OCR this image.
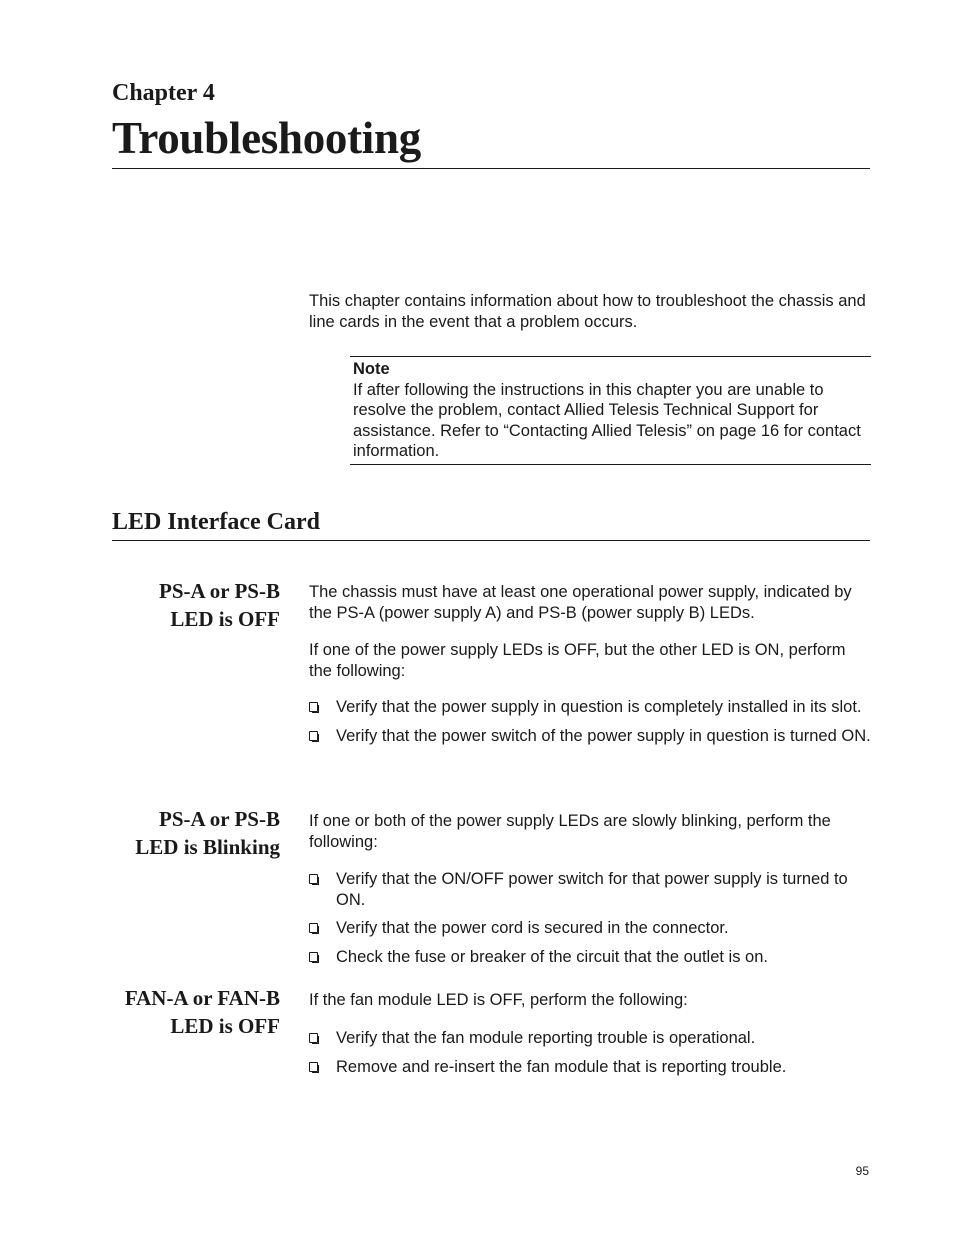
Chapter 4
Troubleshooting
This chapter contains information about how to troubleshoot the chassis and line cards in the event that a problem occurs.
Note
If after following the instructions in this chapter you are unable to resolve the problem, contact Allied Telesis Technical Support for assistance. Refer to “Contacting Allied Telesis” on page 16 for contact information.
LED Interface Card
PS-A or PS-B
LED is OFF
The chassis must have at least one operational power supply, indicated by the PS-A (power supply A) and PS-B (power supply B) LEDs.
If one of the power supply LEDs is OFF, but the other LED is ON, perform the following:
Verify that the power supply in question is completely installed in its slot.
Verify that the power switch of the power supply in question is turned ON.
PS-A or PS-B
LED is Blinking
If one or both of the power supply LEDs are slowly blinking, perform the following:
Verify that the ON/OFF power switch for that power supply is turned to ON.
Verify that the power cord is secured in the connector.
Check the fuse or breaker of the circuit that the outlet is on.
FAN-A or FAN-B
LED is OFF
If the fan module LED is OFF, perform the following:
Verify that the fan module reporting trouble is operational.
Remove and re-insert the fan module that is reporting trouble.
95
